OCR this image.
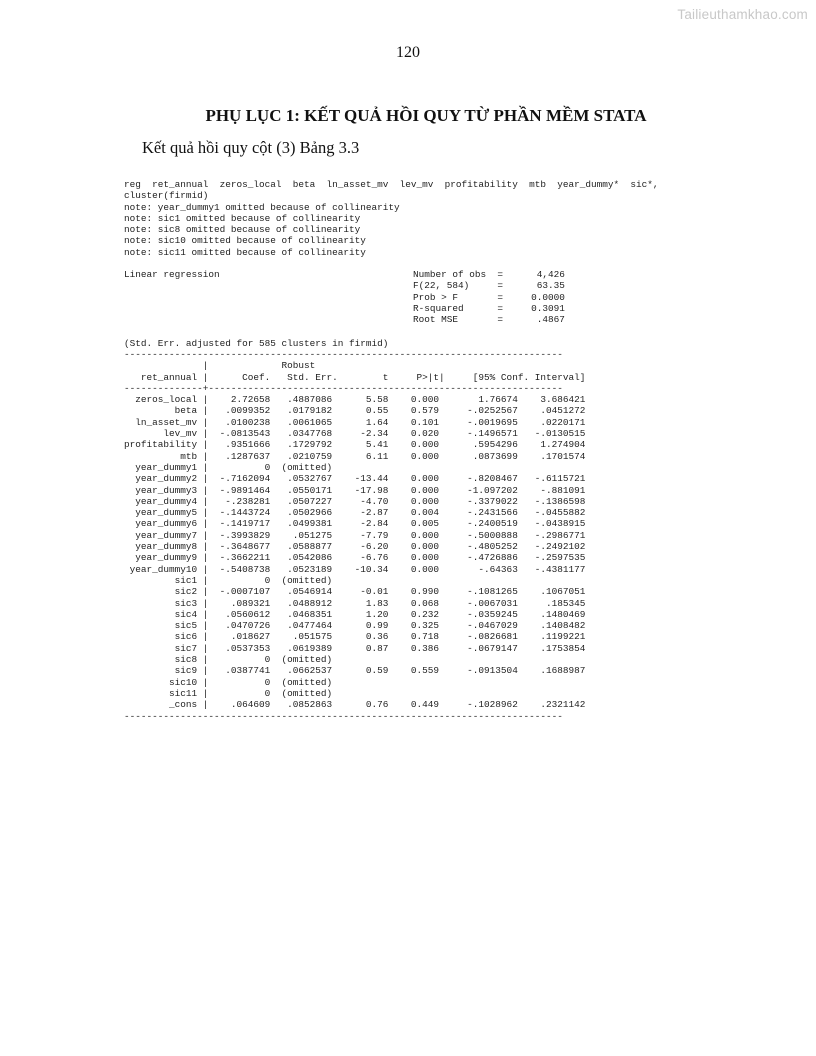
Tailieuthamkhao.com
120
PHỤ LỤC 1: KẾT QUẢ HỒI QUY TỪ PHẦN MỀM STATA
Kết quả hồi quy cột (3) Bảng 3.3
reg  ret_annual  zeros_local  beta  ln_asset_mv  lev_mv  profitability  mtb  year_dummy*  sic*,
cluster(firmid)
note: year_dummy1 omitted because of collinearity
note: sic1 omitted because of collinearity
note: sic8 omitted because of collinearity
note: sic10 omitted because of collinearity
note: sic11 omitted because of collinearity
Linear regression	Number of obs  =      4,426
F(22, 584)     =      63.35
Prob > F       =     0.0000
R-squared      =     0.3091
Root MSE       =      .4867
(Std. Err. adjusted for 585 clusters in firmid)
------------------------------------------------------------------------------
|             Robust
ret_annual |      Coef.   Std. Err.        t     P>|t|     [95% Conf. Interval]
--------------+---------------------------------------------------------------
zeros_local |    2.72658   .4887086      5.58    0.000       1.76674    3.686421
beta |   .0099352   .0179182      0.55    0.579     -.0252567    .0451272
ln_asset_mv |   .0100238   .0061065      1.64    0.101     -.0019695    .0220171
lev_mv |  -.0813543   .0347768     -2.34    0.020     -.1496571   -.0130515
profitability |   .9351666   .1729792      5.41    0.000      .5954296    1.274904
mtb |   .1287637   .0210759      6.11    0.000      .0873699    .1701574
year_dummy1 |          0  (omitted)
year_dummy2 |  -.7162094   .0532767    -13.44    0.000     -.8208467   -.6115721
year_dummy3 |  -.9891464   .0550171    -17.98    0.000     -1.097202    -.881091
year_dummy4 |   -.238281   .0507227     -4.70    0.000     -.3379022   -.1386598
year_dummy5 |  -.1443724   .0502966     -2.87    0.004     -.2431566   -.0455882
year_dummy6 |  -.1419717   .0499381     -2.84    0.005     -.2400519   -.0438915
year_dummy7 |  -.3993829    .051275     -7.79    0.000     -.5000888   -.2986771
year_dummy8 |  -.3648677   .0588877     -6.20    0.000     -.4805252   -.2492102
year_dummy9 |  -.3662211   .0542086     -6.76    0.000     -.4726886   -.2597535
year_dummy10 |  -.5408738   .0523189    -10.34    0.000       -.64363   -.4381177
sic1 |          0  (omitted)
sic2 |  -.0007107   .0546914     -0.01    0.990     -.1081265    .1067051
sic3 |    .089321   .0488912      1.83    0.068     -.0067031     .185345
sic4 |   .0560612   .0468351      1.20    0.232     -.0359245    .1480469
sic5 |   .0470726   .0477464      0.99    0.325     -.0467029    .1408482
sic6 |    .018627    .051575      0.36    0.718     -.0826681    .1199221
sic7 |   .0537353   .0619389      0.87    0.386     -.0679147    .1753854
sic8 |          0  (omitted)
sic9 |   .0387741   .0662537      0.59    0.559     -.0913504    .1688987
sic10 |          0  (omitted)
sic11 |          0  (omitted)
_cons |    .064609   .0852863      0.76    0.449     -.1028962    .2321142
------------------------------------------------------------------------------
